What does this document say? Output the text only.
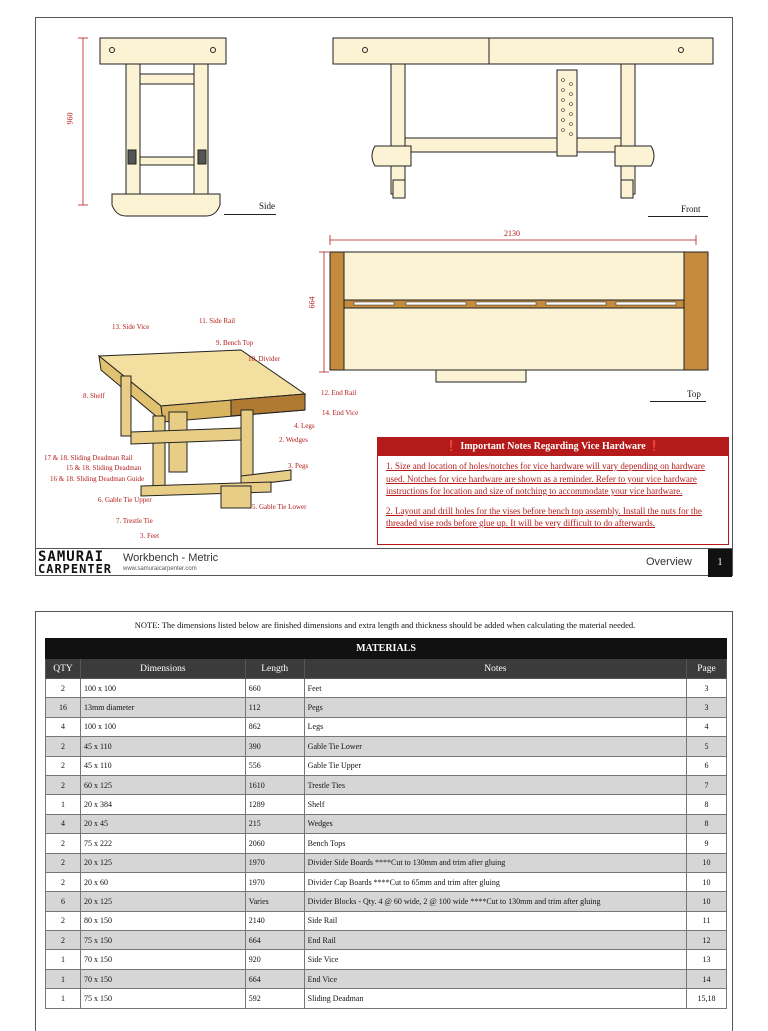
960
Side	Front
2130
664
Top
13. Side Vice
11. Side Rail
9. Bench Top
10. Divider
8. Shelf	12. End Rail
14. End Vice
4. Legs
2. Wedges
17 & 18. Sliding Deadman Rail
15 & 18. Sliding Deadman
16 & 18. Sliding Deadman Guide
3. Pegs
6. Gable Tie Upper
5. Gable Tie Lower
7. Trestle Tie
3. Feet
❗ Important Notes Regarding Vice Hardware ❗

1. Size and location of holes/notches for vice hardware will vary depending on hardware used. Notches for vice hardware are shown as a reminder. Refer to your vice hardware instructions for location and size of notching to accommodate your vice hardware.

2. Layout and drill holes for the vises before bench top assembly. Install the nuts for the threaded vise rods before glue up. It will be very difficult to do afterwards.

SAMURAI
CARPENTER
Workbench - Metric
www.samuraicarpenter.com
Overview	1
NOTE: The dimensions listed below are finished dimensions and extra length and thickness should be added when calculating the material needed.
MATERIALS				
QTY	Dimensions	Length	Notes	Page
2	100 x 100	660	Feet	3
16	13mm diameter	112	Pegs	3
4	100 x 100	862	Legs	4
2	45 x 110	390	Gable Tie Lower	5
2	45 x 110	556	Gable Tie Upper	6
2	60 x 125	1610	Trestle Ties	7
1	20 x 384	1289	Shelf	8
4	20 x 45	215	Wedges	8
2	75 x 222	2060	Bench Tops	9
2	20 x 125	1970	Divider Side Boards ****Cut to 130mm and trim after gluing	10
2	20 x 60	1970	Divider Cap Boards ****Cut to 65mm and trim after gluing	10
6	20 x 125	Varies	Divider Blocks - Qty. 4 @ 60 wide, 2 @ 100 wide ****Cut to 130mm and trim after gluing	10
2	80 x 150	2140	Side Rail	11
2	75 x 150	664	End Rail	12
1	70 x 150	920	Side Vice	13
1	70 x 150	664	End Vice	14
1	75 x 150	592	Sliding Deadman	15,18
